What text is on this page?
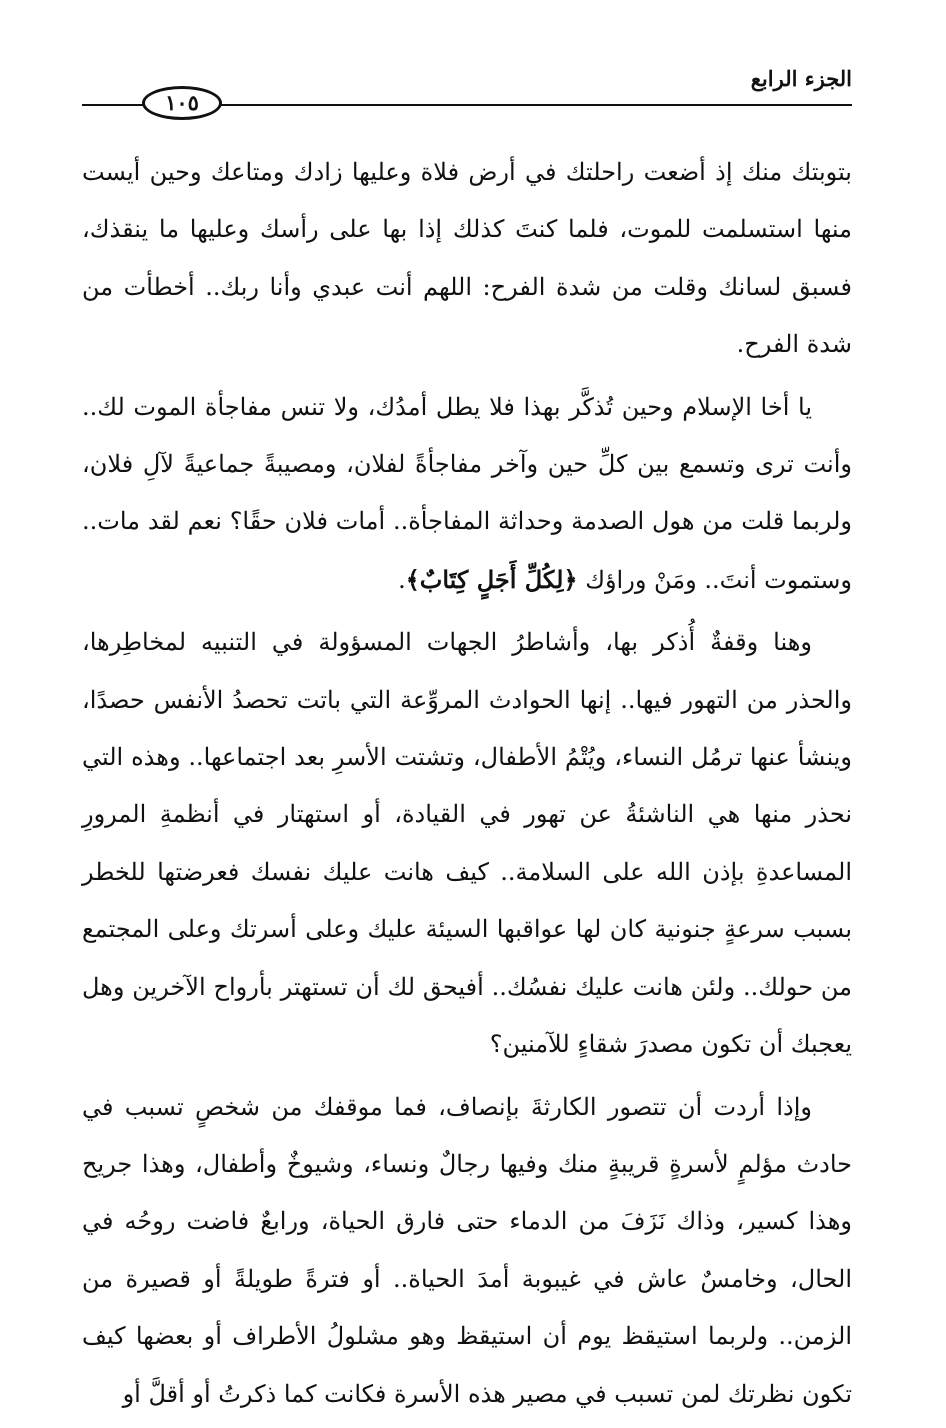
الجزء الرابع
١٠٥

بتوبتك منك إذ أضعت راحلتك في أرض فلاة وعليها زادك ومتاعك وحين أيست منها استسلمت للموت، فلما كنتَ كذلك إذا بها على رأسك وعليها ما ينقذك، فسبق لسانك وقلت من شدة الفرح: اللهم أنت عبدي وأنا ربك.. أخطأت من شدة الفرح.

يا أخا الإسلام وحين تُذكَّر بهذا فلا يطل أمدُك، ولا تنس مفاجأة الموت لك.. وأنت ترى وتسمع بين كلِّ حين وآخر مفاجأةً لفلان، ومصيبةً جماعيةً لآلِ فلان، ولربما قلت من هول الصدمة وحداثة المفاجأة.. أمات فلان حقًا؟ نعم لقد مات.. وستموت أنتَ.. ومَنْ وراؤك ﴿لِكُلِّ أَجَلٍ كِتَابٌ﴾.

وهنا وقفةٌ أُذكر بها، وأشاطرُ الجهات المسؤولة في التنبيه لمخاطِرها، والحذر من التهور فيها.. إنها الحوادث المروِّعة التي باتت تحصدُ الأنفس حصدًا، وينشأ عنها ترمُل النساء، ويُتْمُ الأطفال، وتشتت الأسرِ بعد اجتماعها.. وهذه التي نحذر منها هي الناشئةُ عن تهور في القيادة، أو استهتار في أنظمةِ المرورِ المساعدةِ بإذن الله على السلامة.. كيف هانت عليك نفسك فعرضتها للخطر بسبب سرعةٍ جنونية كان لها عواقبها السيئة عليك وعلى أسرتك وعلى المجتمع من حولك.. ولئن هانت عليك نفسُك.. أفيحق لك أن تستهتر بأرواح الآخرين وهل يعجبك أن تكون مصدرَ شقاءٍ للآمنين؟

وإذا أردت أن تتصور الكارثةَ بإنصاف، فما موقفك من شخصٍ تسبب في حادث مؤلمٍ لأسرةٍ قريبةٍ منك وفيها رجالٌ ونساء، وشيوخٌ وأطفال، وهذا جريح وهذا كسير، وذاك نَزَفَ من الدماء حتى فارق الحياة، ورابعٌ فاضت روحُه في الحال، وخامسٌ عاش في غيبوبة أمدَ الحياة.. أو فترةً طويلةً أو قصيرة من الزمن.. ولربما استيقظ يوم أن استيقظ وهو مشلولُ الأطراف أو بعضها كيف تكون نظرتك لمن تسبب في مصير هذه الأسرة فكانت كما ذكرتُ أو أقلَّ أو
